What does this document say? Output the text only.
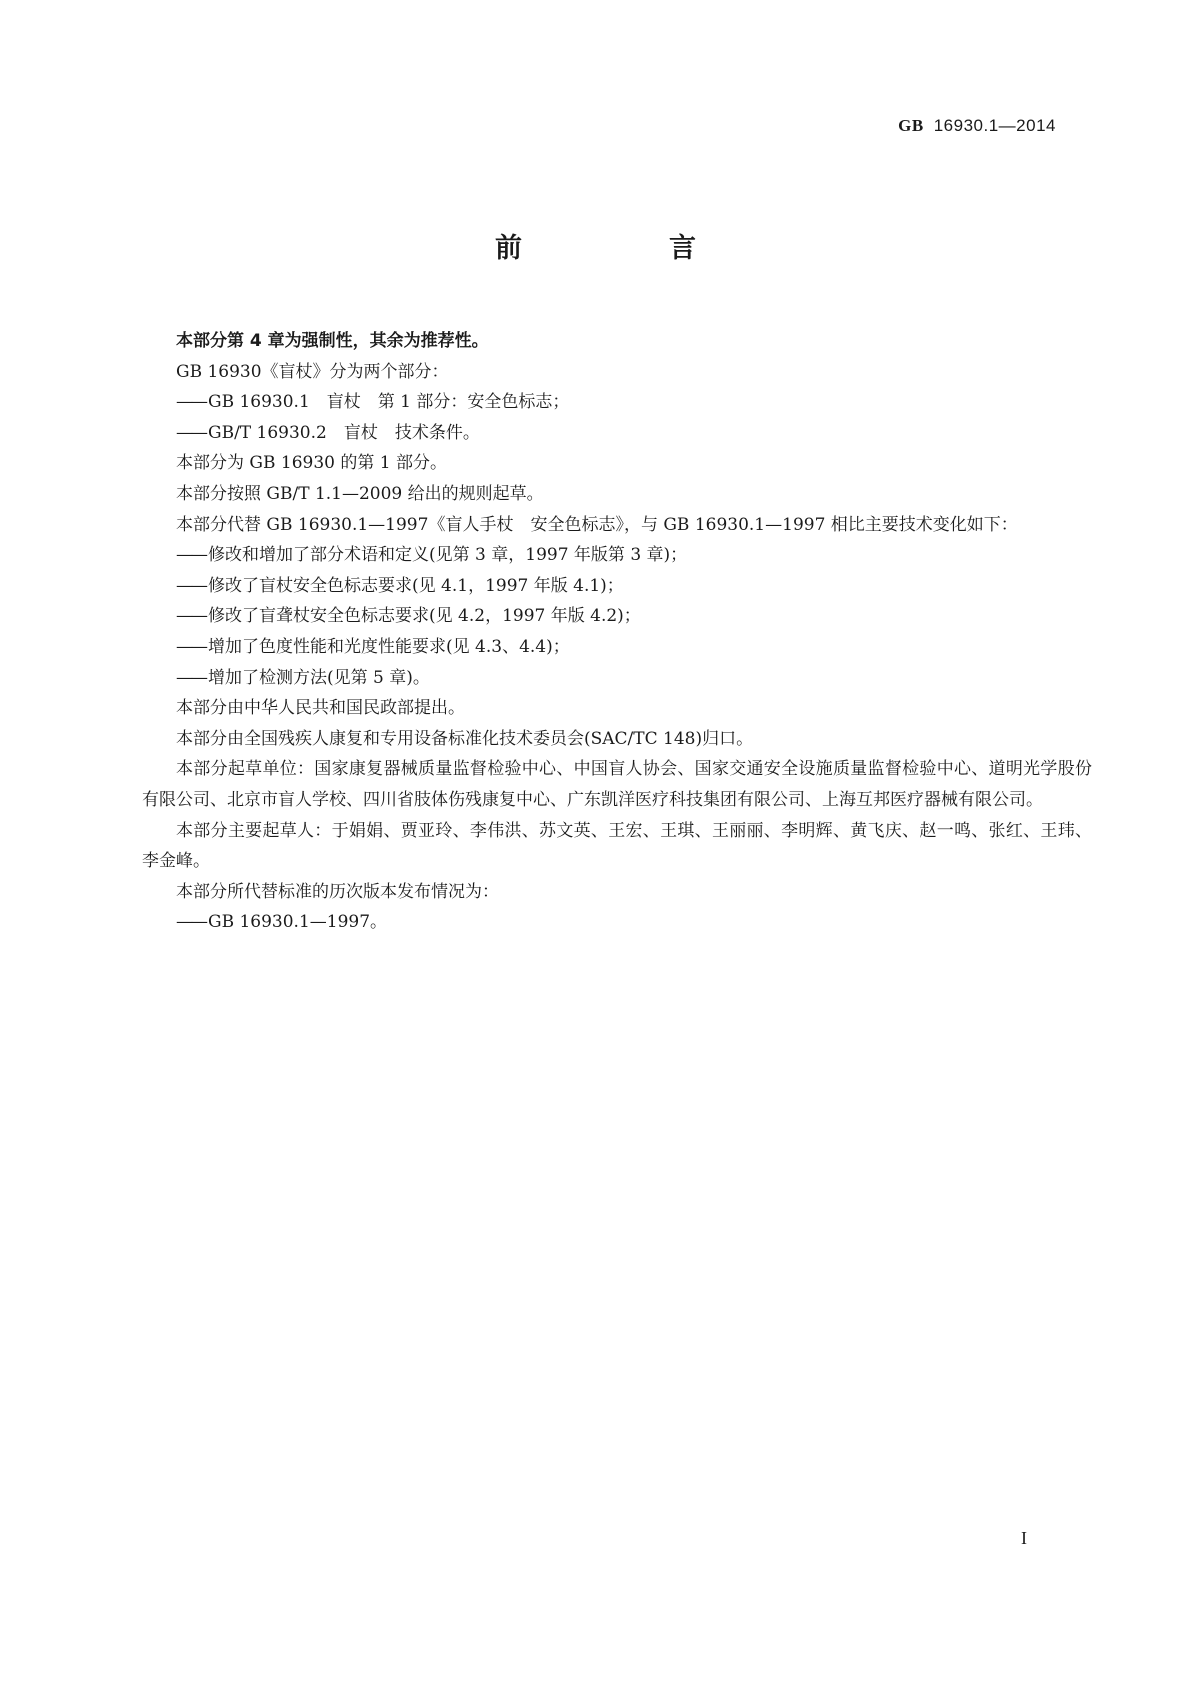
GB 16930.1—2014
前　言

本部分第 4 章为强制性，其余为推荐性。

GB 16930《盲杖》分为两个部分：

—— GB 16930.1　盲杖　第 1 部分：安全色标志；

—— GB/T 16930.2　盲杖　技术条件。

本部分为 GB 16930 的第 1 部分。

本部分按照 GB/T 1.1—2009 给出的规则起草。

本部分代替 GB 16930.1—1997《盲人手杖　安全色标志》，与 GB 16930.1—1997 相比主要技术变化如下：

—— 修改和增加了部分术语和定义(见第 3 章，1997 年版第 3 章)；

—— 修改了盲杖安全色标志要求(见 4.1，1997 年版 4.1)；

—— 修改了盲聋杖安全色标志要求(见 4.2，1997 年版 4.2)；

—— 增加了色度性能和光度性能要求(见 4.3、4.4)；

—— 增加了检测方法(见第 5 章)。

本部分由中华人民共和国民政部提出。

本部分由全国残疾人康复和专用设备标准化技术委员会(SAC/TC 148)归口。

本部分起草单位：国家康复器械质量监督检验中心、中国盲人协会、国家交通安全设施质量监督检验中心、道明光学股份有限公司、北京市盲人学校、四川省肢体伤残康复中心、广东凯洋医疗科技集团有限公司、上海互邦医疗器械有限公司。

本部分主要起草人：于娟娟、贾亚玲、李伟洪、苏文英、王宏、王琪、王丽丽、李明辉、黄飞庆、赵一鸣、张红、王玮、李金峰。

本部分所代替标准的历次版本发布情况为：

—— GB 16930.1—1997。

I
